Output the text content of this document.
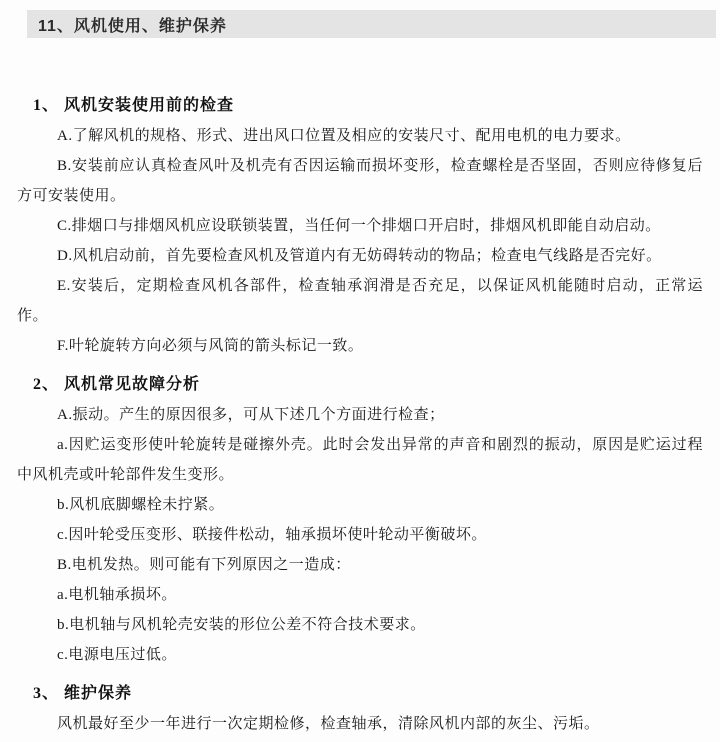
11、风机使用、维护保养
1、 风机安装使用前的检查

A.了解风机的规格、形式、进出风口位置及相应的安装尺寸、配用电机的电力要求。

B.安装前应认真检查风叶及机壳有否因运输而损坏变形，检查螺栓是否坚固，否则应待修复后方可安装使用。

C.排烟口与排烟风机应设联锁装置，当任何一个排烟口开启时，排烟风机即能自动启动。

D.风机启动前，首先要检查风机及管道内有无妨碍转动的物品；检查电气线路是否完好。

E.安装后，定期检查风机各部件，检查轴承润滑是否充足，以保证风机能随时启动，正常运作。

F.叶轮旋转方向必须与风筒的箭头标记一致。

2、 风机常见故障分析

A.振动。产生的原因很多，可从下述几个方面进行检查；

a.因贮运变形使叶轮旋转是碰擦外壳。此时会发出异常的声音和剧烈的振动，原因是贮运过程中风机壳或叶轮部件发生变形。

b.风机底脚螺栓未拧紧。

c.因叶轮受压变形、联接件松动，轴承损坏使叶轮动平衡破坏。

B.电机发热。则可能有下列原因之一造成：

a.电机轴承损坏。

b.电机轴与风机轮壳安装的形位公差不符合技术要求。

c.电源电压过低。

3、 维护保养

风机最好至少一年进行一次定期检修，检查轴承，清除风机内部的灰尘、污垢。
